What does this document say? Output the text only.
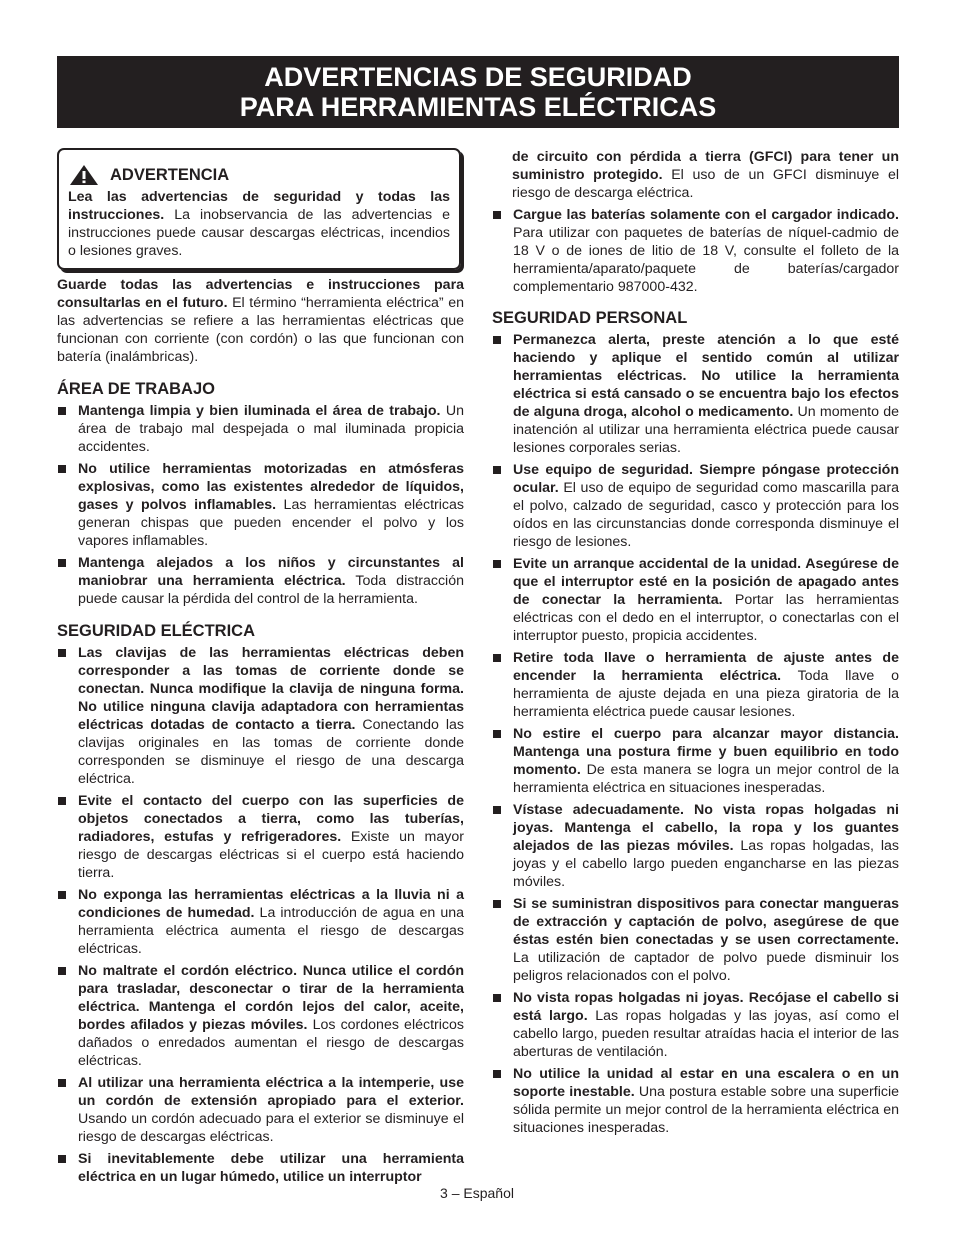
ADVERTENCIAS DE SEGURIDAD
PARA HERRAMIENTAS ELÉCTRICAS
ADVERTENCIA

Lea las advertencias de seguridad y todas las instrucciones. La inobservancia de las advertencias e instrucciones puede causar descargas eléctricas, incendios o lesiones graves.

Guarde todas las advertencias e instrucciones para consultarlas en el futuro. El término “herramienta eléctrica” en las advertencias se refiere a las herramientas eléctricas que funcionan con corriente (con cordón) o las que funcionan con batería (inalámbricas).

ÁREA DE TRABAJO
Mantenga limpia y bien iluminada el área de trabajo. Un área de trabajo mal despejada o mal iluminada propicia accidentes.
No utilice herramientas motorizadas en atmósferas explosivas, como las existentes alrededor de líquidos, gases y polvos inflamables. Las herramientas eléctricas generan chispas que pueden encender el polvo y los vapores inflamables.
Mantenga alejados a los niños y circunstantes al maniobrar una herramienta eléctrica. Toda distracción puede causar la pérdida del control de la herramienta.
SEGURIDAD ELÉCTRICA
Las clavijas de las herramientas eléctricas deben corresponder a las tomas de corriente donde se conectan. Nunca modifique la clavija de ninguna forma. No utilice ninguna clavija adaptadora con herramientas eléctricas dotadas de contacto a tierra. Conectando las clavijas originales en las tomas de corriente donde corresponden se disminuye el riesgo de una descarga eléctrica.
Evite el contacto del cuerpo con las superficies de objetos conectados a tierra, como las tuberías, radiadores, estufas y refrigeradores. Existe un mayor riesgo de descargas eléctricas si el cuerpo está haciendo tierra.
No exponga las herramientas eléctricas a la lluvia ni a condiciones de humedad. La introducción de agua en una herramienta eléctrica aumenta el riesgo de descargas eléctricas.
No maltrate el cordón eléctrico. Nunca utilice el cordón para trasladar, desconectar o tirar de la herramienta eléctrica. Mantenga el cordón lejos del calor, aceite, bordes afilados y piezas móviles. Los cordones eléctricos dañados o enredados aumentan el riesgo de descargas eléctricas.
Al utilizar una herramienta eléctrica a la intemperie, use un cordón de extensión apropiado para el exterior. Usando un cordón adecuado para el exterior se disminuye el riesgo de descargas eléctricas.
Si inevitablemente debe utilizar una herramienta eléctrica en un lugar húmedo, utilice un interruptor
de circuito con pérdida a tierra (GFCI) para tener un suministro protegido. El uso de un GFCI disminuye el riesgo de descarga eléctrica.
Cargue las baterías solamente con el cargador indicado. Para utilizar con paquetes de baterías de níquel-cadmio de 18 V o de iones de litio de 18 V, consulte el folleto de la herramienta/aparato/paquete de baterías/cargador complementario 987000-432.
SEGURIDAD PERSONAL
Permanezca alerta, preste atención a lo que esté haciendo y aplique el sentido común al utilizar herramientas eléctricas. No utilice la herramienta eléctrica si está cansado o se encuentra bajo los efectos de alguna droga, alcohol o medicamento. Un momento de inatención al utilizar una herramienta eléctrica puede causar lesiones corporales serias.
Use equipo de seguridad. Siempre póngase protección ocular. El uso de equipo de seguridad como mascarilla para el polvo, calzado de seguridad, casco y protección para los oídos en las circunstancias donde corresponda disminuye el riesgo de lesiones.
Evite un arranque accidental de la unidad. Asegúrese de que el interruptor esté en la posición de apagado antes de conectar la herramienta. Portar las herramientas eléctricas con el dedo en el interruptor, o conectarlas con el interruptor puesto, propicia accidentes.
Retire toda llave o herramienta de ajuste antes de encender la herramienta eléctrica. Toda llave o herramienta de ajuste dejada en una pieza giratoria de la herramienta eléctrica puede causar lesiones.
No estire el cuerpo para alcanzar mayor distancia. Mantenga una postura firme y buen equilibrio en todo momento. De esta manera se logra un mejor control de la herramienta eléctrica en situaciones inesperadas.
Vístase adecuadamente. No vista ropas holgadas ni joyas. Mantenga el cabello, la ropa y los guantes alejados de las piezas móviles. Las ropas holgadas, las joyas y el cabello largo pueden engancharse en las piezas móviles.
Si se suministran dispositivos para conectar mangueras de extracción y captación de polvo, asegúrese de que éstas estén bien conectadas y se usen correctamente. La utilización de captador de polvo puede disminuir los peligros relacionados con el polvo.
No vista ropas holgadas ni joyas. Recójase el cabello si está largo. Las ropas holgadas y las joyas, así como el cabello largo, pueden resultar atraídas hacia el interior de las aberturas de ventilación.
No utilice la unidad al estar en una escalera o en un soporte inestable. Una postura estable sobre una superficie sólida permite un mejor control de la herramienta eléctrica en situaciones inesperadas.
3 – Español
